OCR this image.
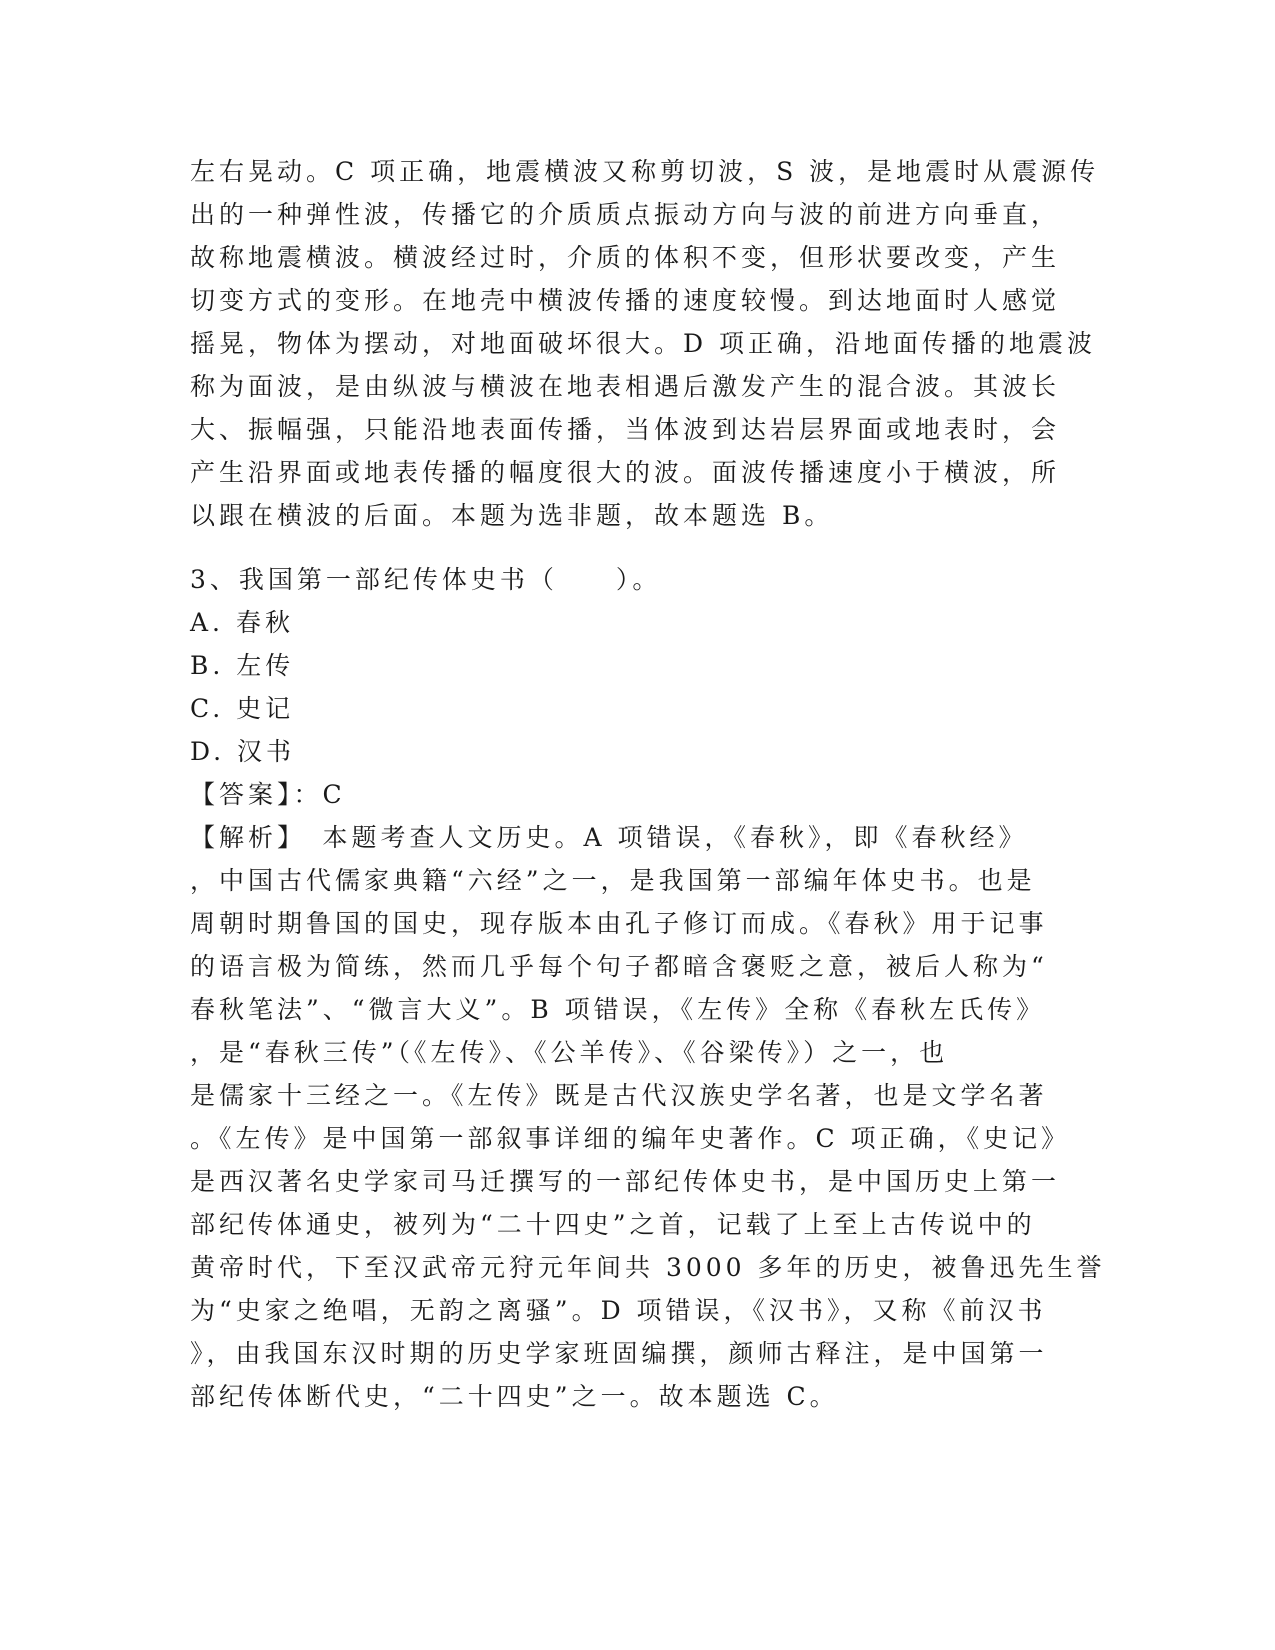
左右晃动。C 项正确，地震横波又称剪切波，S 波，是地震时从震源传
出的一种弹性波，传播它的介质质点振动方向与波的前进方向垂直，
故称地震横波。横波经过时，介质的体积不变，但形状要改变，产生
切变方式的变形。在地壳中横波传播的速度较慢。到达地面时人感觉
摇晃，物体为摆动，对地面破坏很大。D 项正确，沿地面传播的地震波
称为面波，是由纵波与横波在地表相遇后激发产生的混合波。其波长
大、振幅强，只能沿地表面传播，当体波到达岩层界面或地表时，会
产生沿界面或地表传播的幅度很大的波。面波传播速度小于横波，所
以跟在横波的后面。本题为选非题，故本题选 B。
3、我国第一部纪传体史书（　　）。
A. 春秋
B. 左传
C. 史记
D. 汉书
【答案】：C
【解析】　本题考查人文历史。A 项错误，《春秋》，即《春秋经》
，中国古代儒家典籍“六经”之一，是我国第一部编年体史书。也是
周朝时期鲁国的国史，现存版本由孔子修订而成。《春秋》用于记事
的语言极为简练，然而几乎每个句子都暗含褒贬之意，被后人称为“
春秋笔法”、“微言大义”。B 项错误，《左传》全称《春秋左氏传》
，是“春秋三传”（《左传》、《公羊传》、《谷梁传》）之一，也
是儒家十三经之一。《左传》既是古代汉族史学名著，也是文学名著
。《左传》是中国第一部叙事详细的编年史著作。C 项正确，《史记》
是西汉著名史学家司马迁撰写的一部纪传体史书，是中国历史上第一
部纪传体通史，被列为“二十四史”之首，记载了上至上古传说中的
黄帝时代，下至汉武帝元狩元年间共 3000 多年的历史，被鲁迅先生誉
为“史家之绝唱，无韵之离骚”。D 项错误，《汉书》，又称《前汉书
》，由我国东汉时期的历史学家班固编撰，颜师古释注，是中国第一
部纪传体断代史，“二十四史”之一。故本题选 C。
